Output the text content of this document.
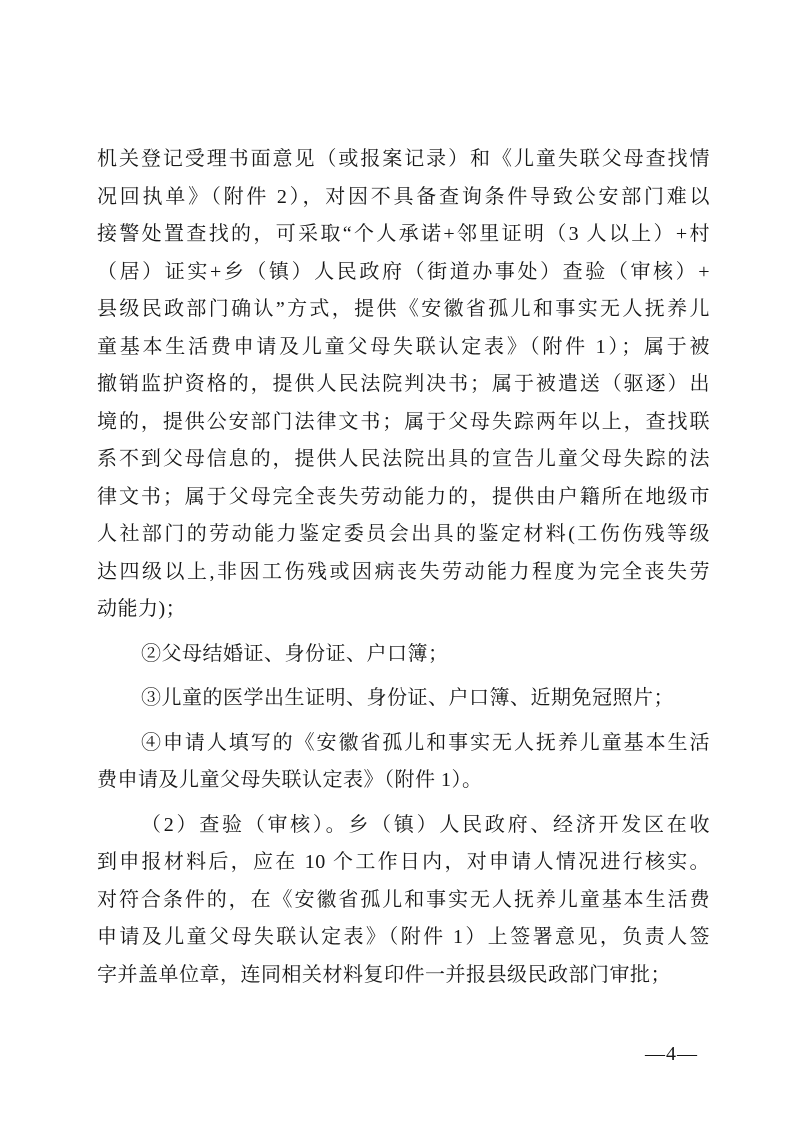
机关登记受理书面意见（或报案记录）和《儿童失联父母查找情
况回执单》（附件 2），对因不具备查询条件导致公安部门难以
接警处置查找的，可采取“个人承诺+邻里证明（3 人以上）+村
（居）证实+乡（镇）人民政府（街道办事处）查验（审核）+
县级民政部门确认”方式，提供《安徽省孤儿和事实无人抚养儿
童基本生活费申请及儿童父母失联认定表》（附件 1）；属于被
撤销监护资格的，提供人民法院判决书；属于被遣送（驱逐）出
境的，提供公安部门法律文书；属于父母失踪两年以上，查找联
系不到父母信息的，提供人民法院出具的宣告儿童父母失踪的法
律文书；属于父母完全丧失劳动能力的，提供由户籍所在地级市
人社部门的劳动能力鉴定委员会出具的鉴定材料(工伤伤残等级
达四级以上,非因工伤残或因病丧失劳动能力程度为完全丧失劳
动能力)；
②父母结婚证、身份证、户口簿；
③儿童的医学出生证明、身份证、户口簿、近期免冠照片；
④申请人填写的《安徽省孤儿和事实无人抚养儿童基本生活
费申请及儿童父母失联认定表》（附件 1）。
（2）查验（审核）。乡（镇）人民政府、经济开发区在收
到申报材料后，应在 10 个工作日内，对申请人情况进行核实。
对符合条件的，在《安徽省孤儿和事实无人抚养儿童基本生活费
申请及儿童父母失联认定表》（附件 1）上签署意见，负责人签
字并盖单位章，连同相关材料复印件一并报县级民政部门审批；
—4—
